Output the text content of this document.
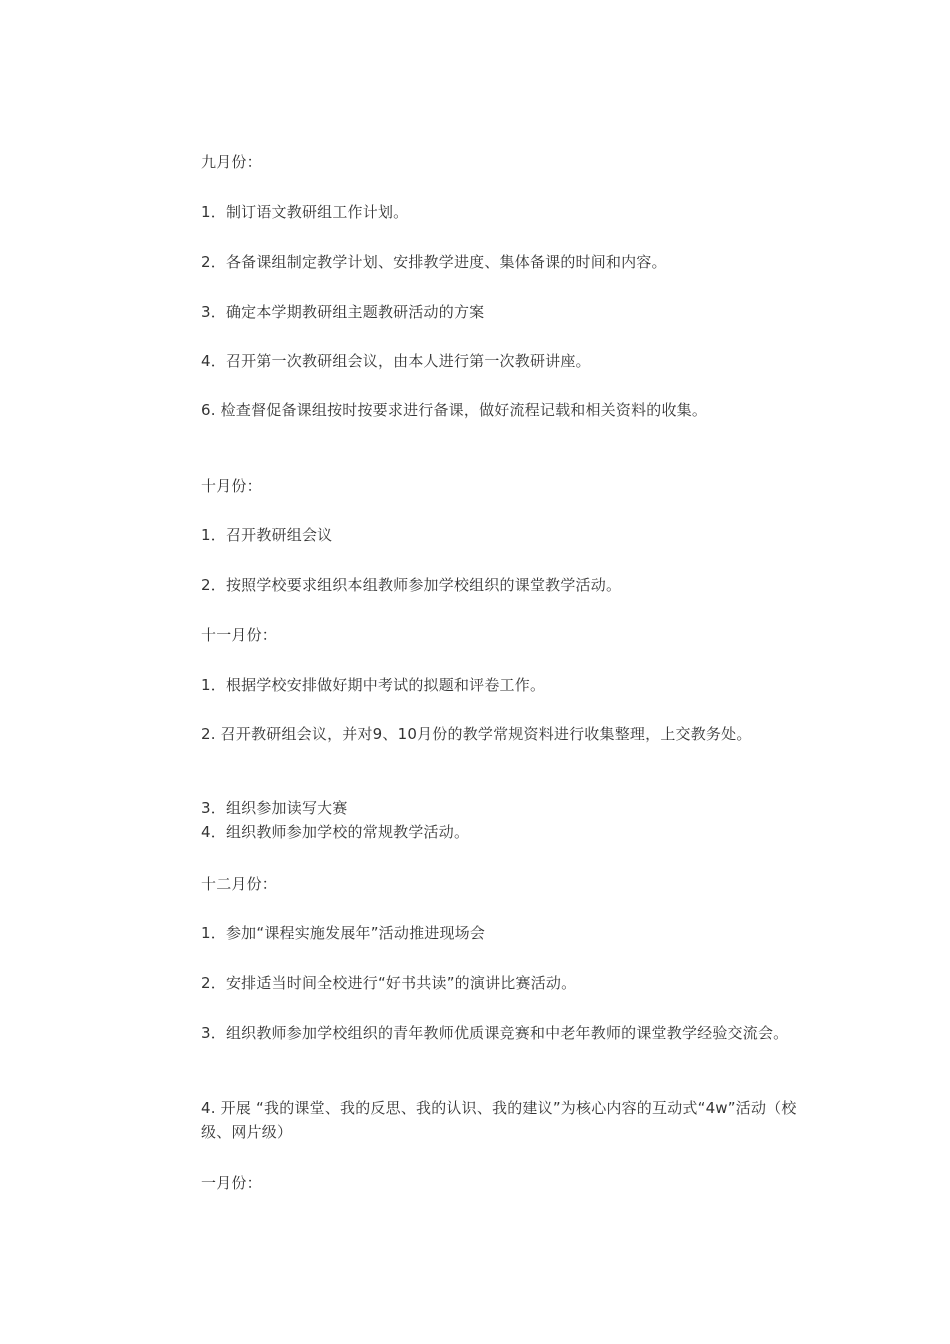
九月份：
1．制订语文教研组工作计划。
2．各备课组制定教学计划、安排教学进度、集体备课的时间和内容。
3．确定本学期教研组主题教研活动的方案
4．召开第一次教研组会议，由本人进行第一次教研讲座。
6. 检查督促备课组按时按要求进行备课，做好流程记载和相关资料的收集。
十月份：
1．召开教研组会议
2．按照学校要求组织本组教师参加学校组织的课堂教学活动。
十一月份：
1．根据学校安排做好期中考试的拟题和评卷工作。
2. 召开教研组会议，并对9、10月份的教学常规资料进行收集整理，上交教务处。
3．组织参加读写大赛
4．组织教师参加学校的常规教学活动。
十二月份：
1．参加“课程实施发展年”活动推进现场会
2．安排适当时间全校进行“好书共读”的演讲比赛活动。
3．组织教师参加学校组织的青年教师优质课竞赛和中老年教师的课堂教学经验交流会。
4. 开展 “我的课堂、我的反思、我的认识、我的建议”为核心内容的互动式“4w”活动（校级、网片级）
一月份：
